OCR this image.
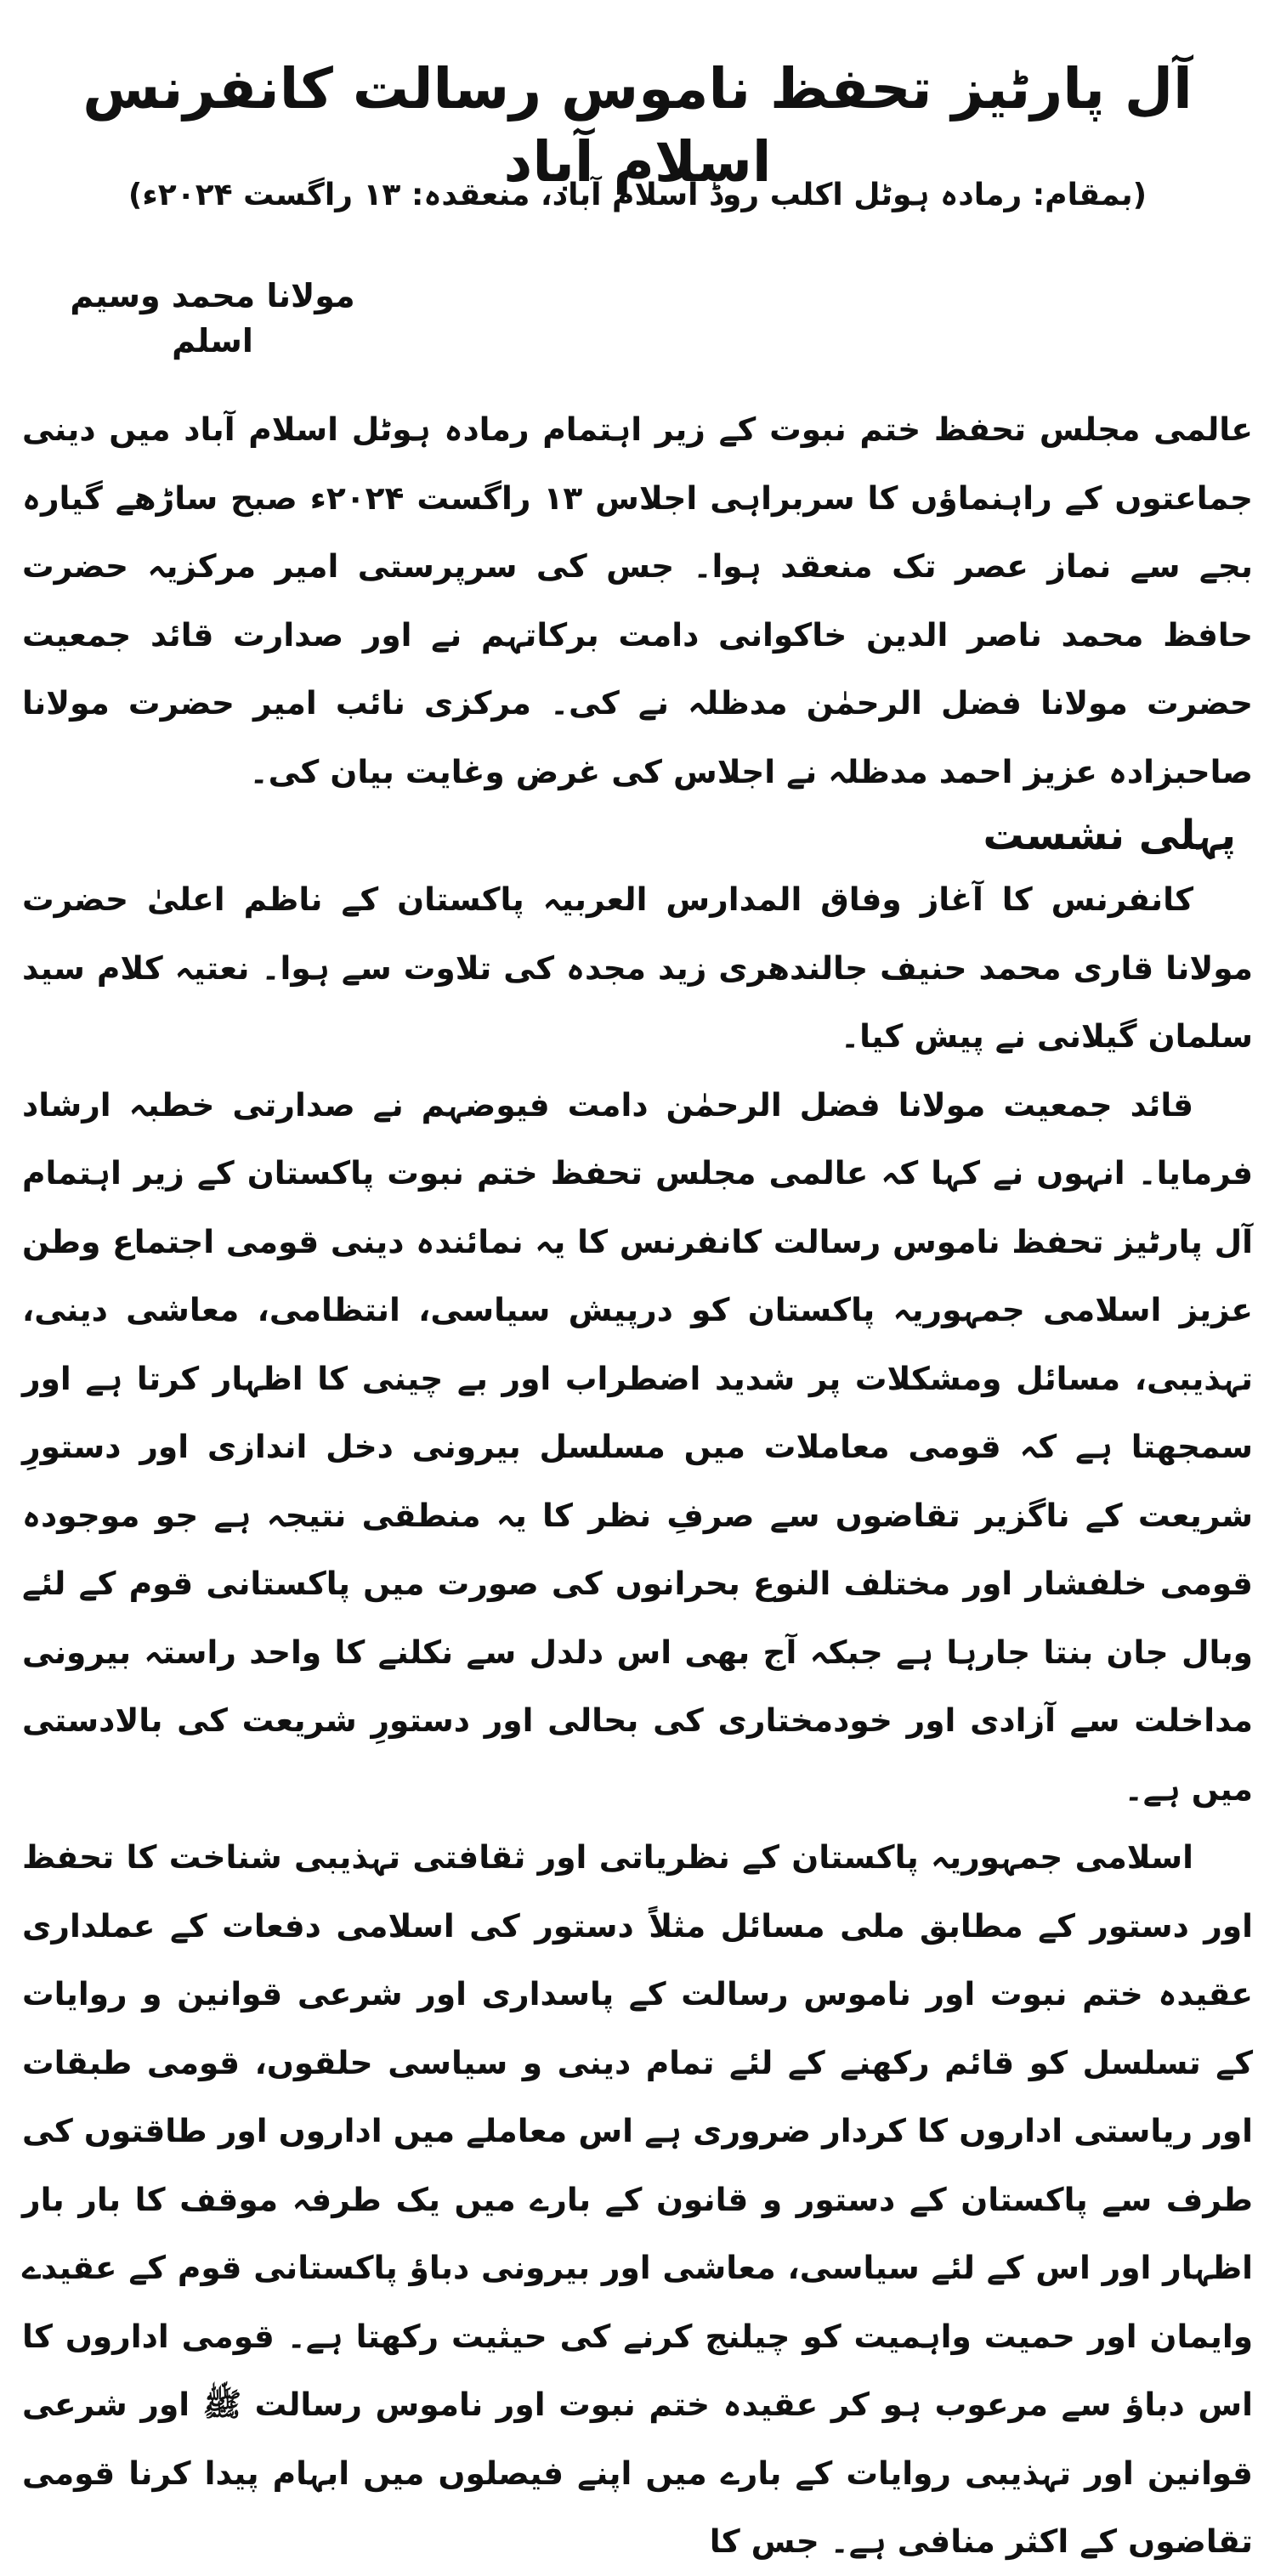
آل پارٹیز تحفظ ناموس رسالت کانفرنس اسلام آباد

(بمقام: رمادہ ہوٹل اکلب روڈ اسلام آباد، منعقدہ: ۱۳ راگست ۲۰۲۴ء)

مولانا محمد وسیم اسلم

عالمی مجلس تحفظ ختم نبوت کے زیر اہتمام رمادہ ہوٹل اسلام آباد میں دینی جماعتوں کے راہنماؤں کا سربراہی اجلاس ۱۳ راگست ۲۰۲۴ء صبح ساڑھے گیارہ بجے سے نماز عصر تک منعقد ہوا۔ جس کی سرپرستی امیر مرکزیہ حضرت حافظ محمد ناصر الدین خاکوانی دامت برکاتہم نے اور صدارت قائد جمعیت حضرت مولانا فضل الرحمٰن مدظلہ نے کی۔ مرکزی نائب امیر حضرت مولانا صاحبزادہ عزیز احمد مدظلہ نے اجلاس کی غرض وغایت بیان کی۔

پہلی نشست

کانفرنس کا آغاز وفاق المدارس العربیہ پاکستان کے ناظم اعلیٰ حضرت مولانا قاری محمد حنیف جالندھری زید مجدہ کی تلاوت سے ہوا۔ نعتیہ کلام سید سلمان گیلانی نے پیش کیا۔

قائد جمعیت مولانا فضل الرحمٰن دامت فیوضہم نے صدارتی خطبہ ارشاد فرمایا۔ انہوں نے کہا کہ عالمی مجلس تحفظ ختم نبوت پاکستان کے زیر اہتمام آل پارٹیز تحفظ ناموس رسالت کانفرنس کا یہ نمائندہ دینی قومی اجتماع وطن عزیز اسلامی جمہوریہ پاکستان کو درپیش سیاسی، انتظامی، معاشی دینی، تہذیبی، مسائل ومشکلات پر شدید اضطراب اور بے چینی کا اظہار کرتا ہے اور سمجھتا ہے کہ قومی معاملات میں مسلسل بیرونی دخل اندازی اور دستورِ شریعت کے ناگزیر تقاضوں سے صرفِ نظر کا یہ منطقی نتیجہ ہے جو موجودہ قومی خلفشار اور مختلف النوع بحرانوں کی صورت میں پاکستانی قوم کے لئے وبال جان بنتا جارہا ہے جبکہ آج بھی اس دلدل سے نکلنے کا واحد راستہ بیرونی مداخلت سے آزادی اور خودمختاری کی بحالی اور دستورِ شریعت کی بالادستی میں ہے۔

اسلامی جمہوریہ پاکستان کے نظریاتی اور ثقافتی تہذیبی شناخت کا تحفظ اور دستور کے مطابق ملی مسائل مثلاً دستور کی اسلامی دفعات کے عملداری عقیدہ ختم نبوت اور ناموس رسالت کے پاسداری اور شرعی قوانین و روایات کے تسلسل کو قائم رکھنے کے لئے تمام دینی و سیاسی حلقوں، قومی طبقات اور ریاستی اداروں کا کردار ضروری ہے اس معاملے میں اداروں اور طاقتوں کی طرف سے پاکستان کے دستور و قانون کے بارے میں یک طرفہ موقف کا بار بار اظہار اور اس کے لئے سیاسی، معاشی اور بیرونی دباؤ پاکستانی قوم کے عقیدے وایمان اور حمیت واہمیت کو چیلنج کرنے کی حیثیت رکھتا ہے۔ قومی اداروں کا اس دباؤ سے مرعوب ہو کر عقیدہ ختم نبوت اور ناموس رسالت ﷺ اور شرعی قوانین اور تہذیبی روایات کے بارے میں اپنے فیصلوں میں ابہام پیدا کرنا قومی تقاضوں کے اکثر منافی ہے۔ جس کا
